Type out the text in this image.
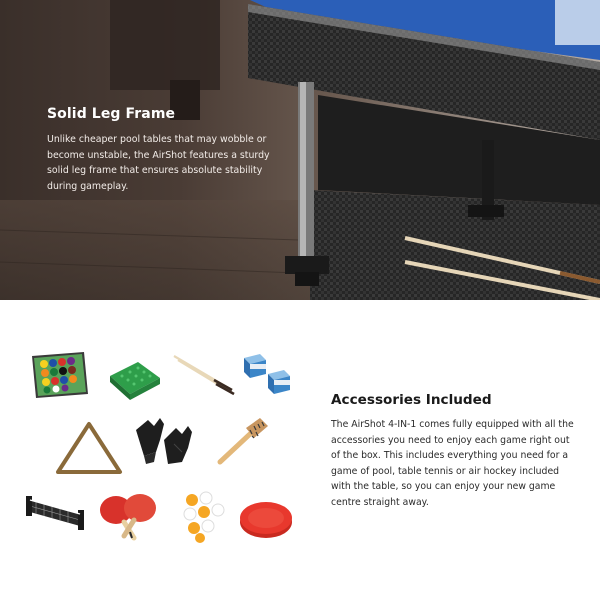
Solid Leg Frame

Unlike cheaper pool tables that may wobble or become unstable, the AirShot features a sturdy solid leg frame that ensures absolute stability during gameplay.

Accessories Included

The AirShot 4-IN-1 comes fully equipped with all the accessories you need to enjoy each game right out of the box. This includes everything you need for a game of pool, table tennis or air hockey included with the table, so you can enjoy your new game centre straight away.
